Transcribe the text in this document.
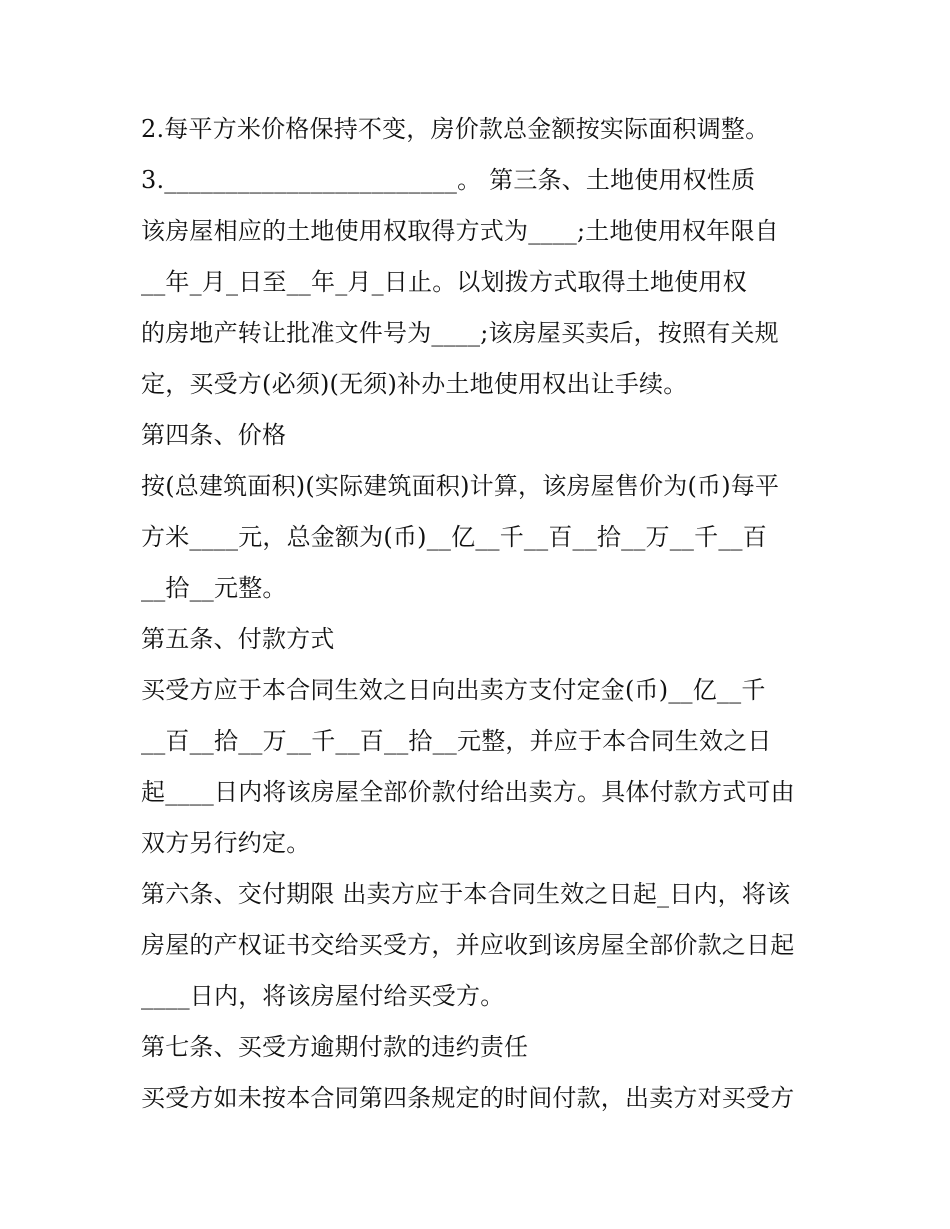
2.每平方米价格保持不变，房价款总金额按实际面积调整。
3.________________________。 第三条、土地使用权性质
该房屋相应的土地使用权取得方式为____;土地使用权年限自
__年_月_日至__年_月_日止。以划拨方式取得土地使用权
的房地产转让批准文件号为____;该房屋买卖后，按照有关规
定，买受方(必须)(无须)补办土地使用权出让手续。
第四条、价格
按(总建筑面积)(实际建筑面积)计算，该房屋售价为(币)每平
方米____元，总金额为(币)__亿__千__百__拾__万__千__百
__拾__元整。
第五条、付款方式
买受方应于本合同生效之日向出卖方支付定金(币)__亿__千
__百__拾__万__千__百__拾__元整，并应于本合同生效之日
起____日内将该房屋全部价款付给出卖方。具体付款方式可由
双方另行约定。
第六条、交付期限 出卖方应于本合同生效之日起_日内，将该
房屋的产权证书交给买受方，并应收到该房屋全部价款之日起
____日内，将该房屋付给买受方。
第七条、买受方逾期付款的违约责任
买受方如未按本合同第四条规定的时间付款，出卖方对买受方
